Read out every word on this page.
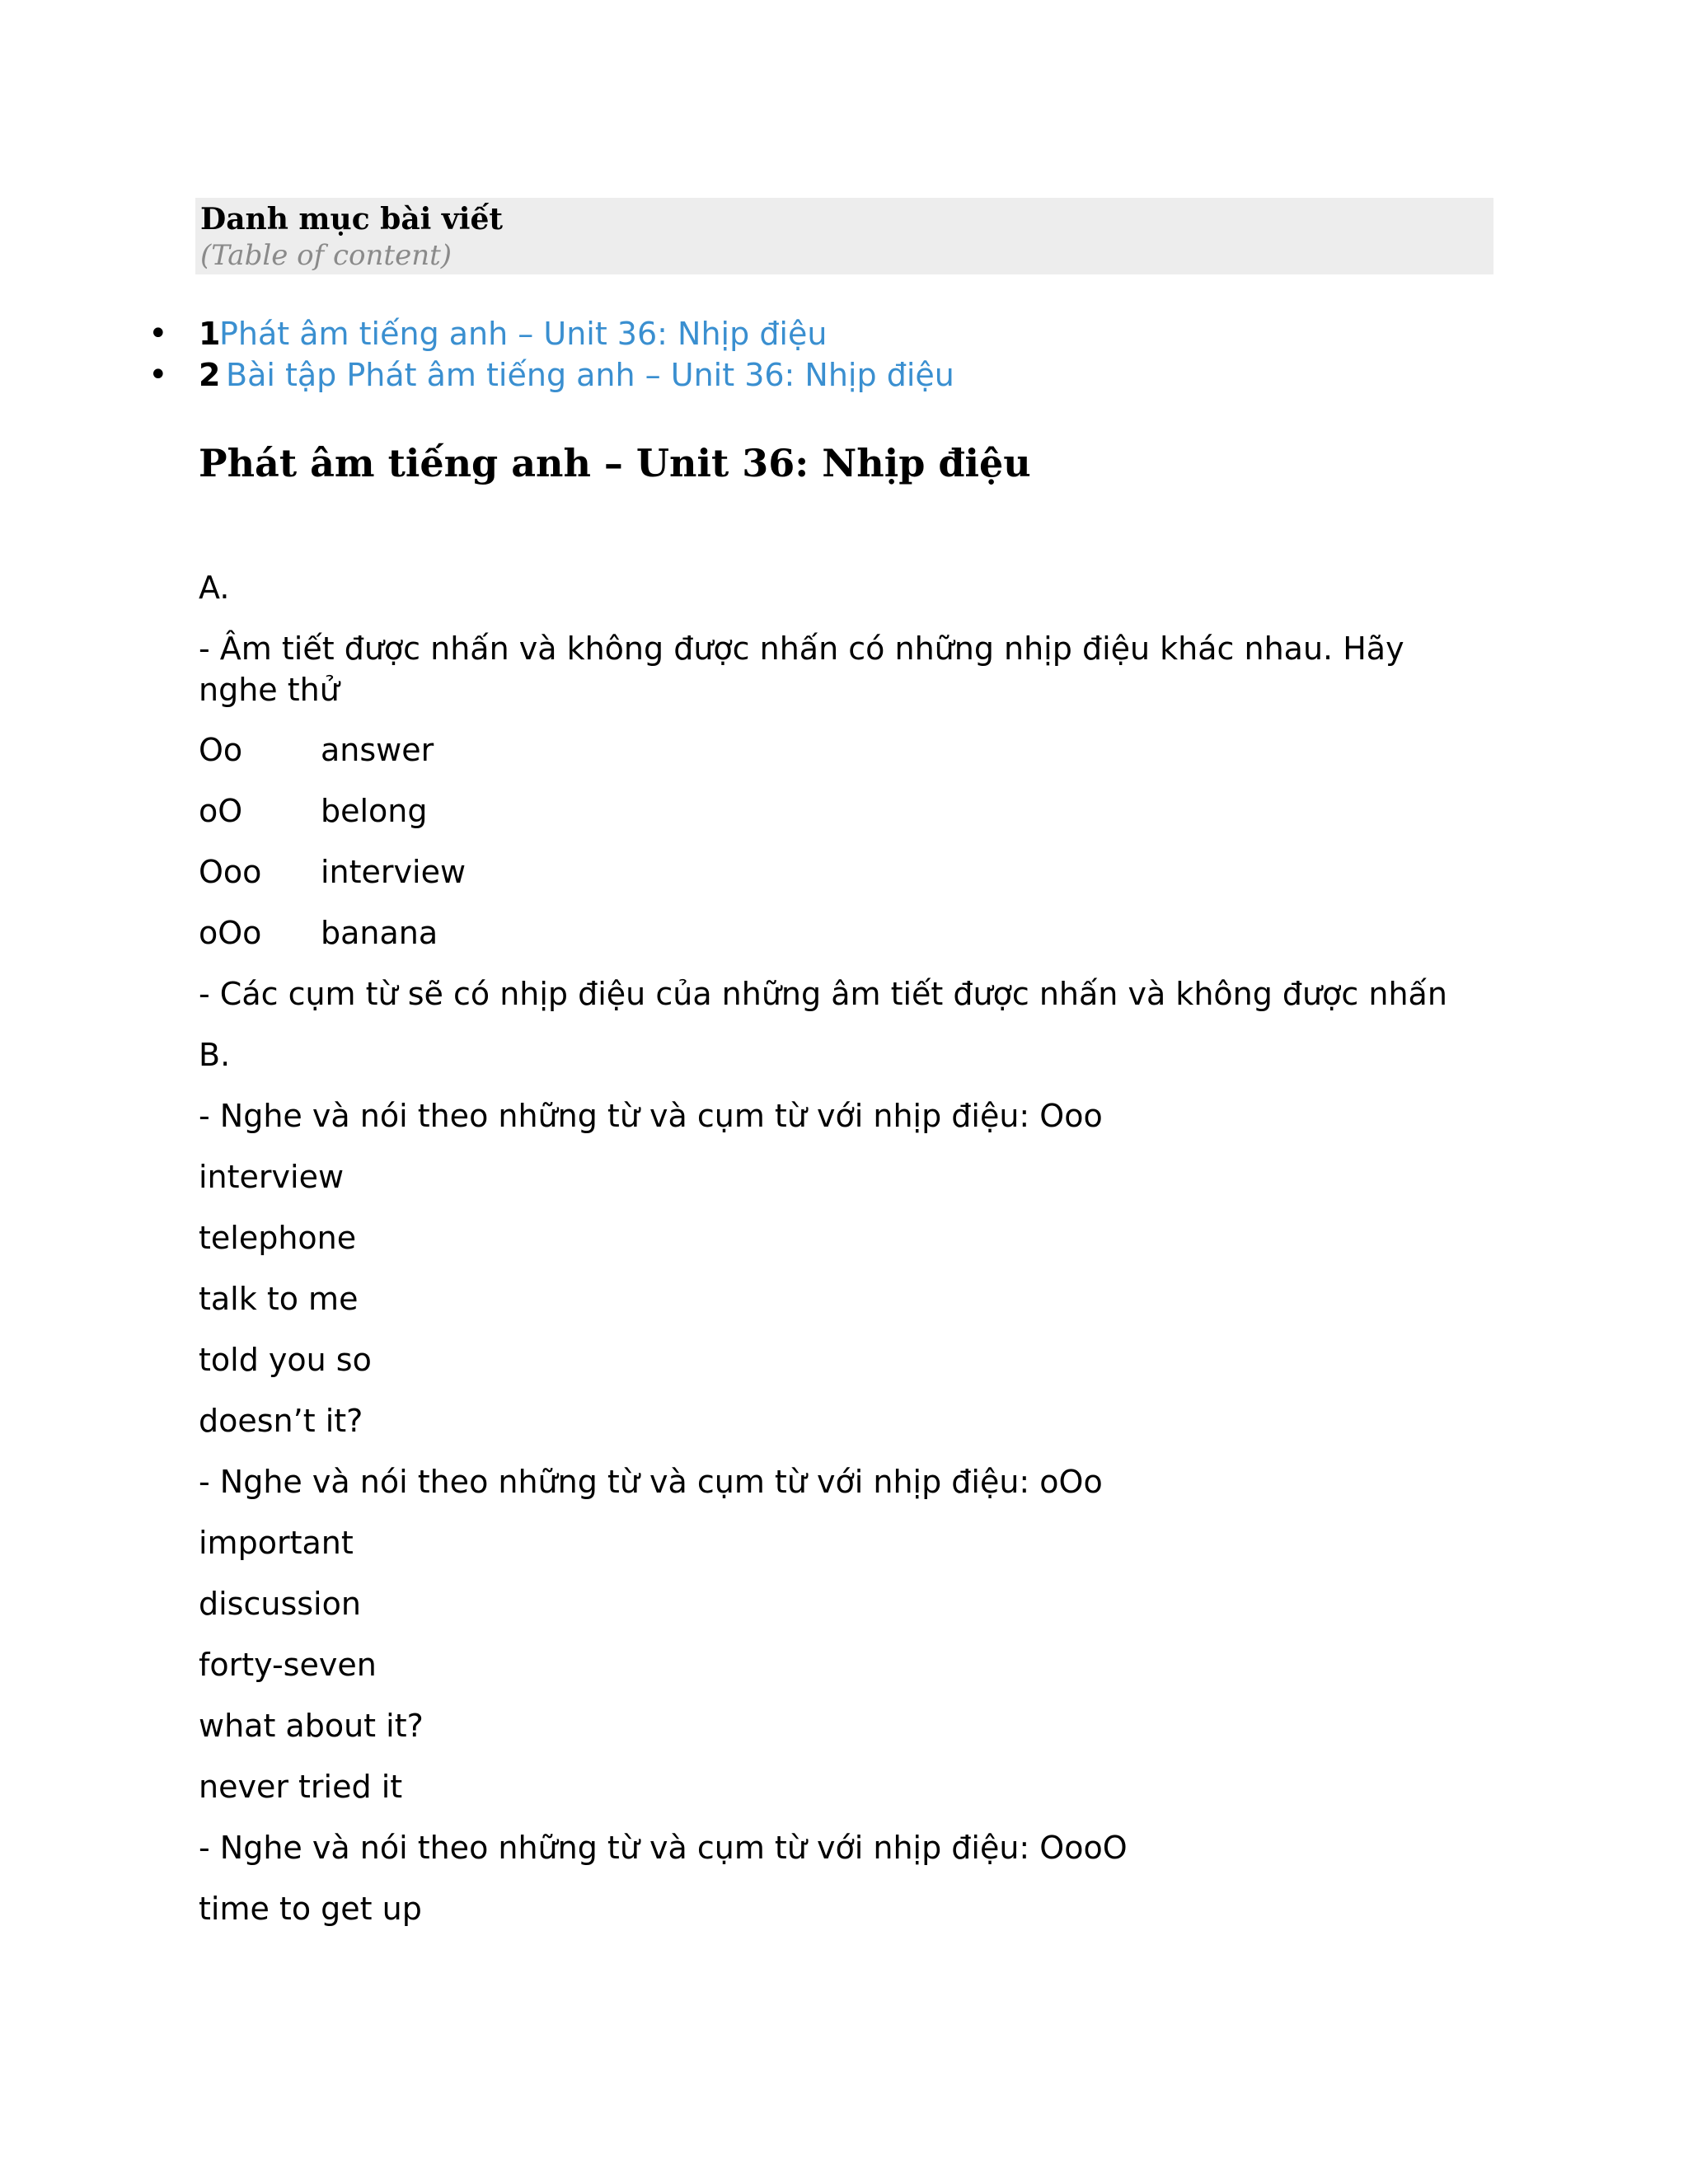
Danh mục bài viết
(Table of content)
• 1
Phát âm tiếng anh – Unit 36: Nhịp điệu
• 2 Bài tập Phát âm tiếng anh – Unit 36: Nhịp điệu
Phát âm tiếng anh – Unit 36: Nhịp điệu
A.
- Âm tiết được nhấn và không được nhấn có những nhịp điệu khác nhau. Hãy nghe thử
Oo answer
oO belong
Ooo interview
oOo banana
- Các cụm từ sẽ có nhịp điệu của những âm tiết được nhấn và không được nhấn
B.
- Nghe và nói theo những từ và cụm từ với nhịp điệu: Ooo
interview
telephone
talk to me
told you so
doesn’t it?
- Nghe và nói theo những từ và cụm từ với nhịp điệu: oOo
important
discussion
forty-seven
what about it?
never tried it
- Nghe và nói theo những từ và cụm từ với nhịp điệu: OooO
time to get up
